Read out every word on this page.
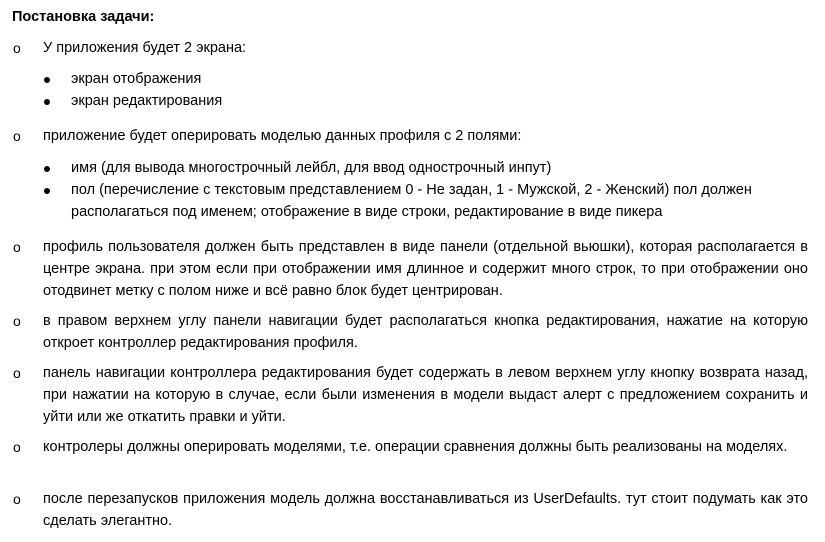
Постановка задачи:
o У приложения будет 2 экрана:
экран отображения
экран редактирования
o приложение будет оперировать моделью данных профиля с 2 полями:
имя (для вывода многострочный лейбл, для ввод однострочный инпут)
пол (перечисление с текстовым представлением 0 - Не задан, 1 - Мужской, 2 - Женский) пол должен располагаться под именем; отображение в виде строки, редактирование в виде пикера
o профиль пользователя должен быть представлен в виде панели (отдельной вьюшки), которая располагается в центре экрана. при этом если при отображении имя длинное и содержит много строк, то при отображении оно отодвинет метку с полом ниже и всё равно блок будет центрирован.
o в правом верхнем углу панели навигации будет располагаться кнопка редактирования, нажатие на которую откроет контроллер редактирования профиля.
o панель навигации контроллера редактирования будет содержать в левом верхнем углу кнопку возврата назад, при нажатии на которую в случае, если были изменения в модели выдаст алерт с предложением сохранить и уйти или же откатить правки и уйти.
o контролеры должны оперировать моделями, т.е. операции сравнения должны быть реализованы на моделях.
o после перезапусков приложения модель должна восстанавливаться из UserDefaults. тут стоит подумать как это сделать элегантно.
